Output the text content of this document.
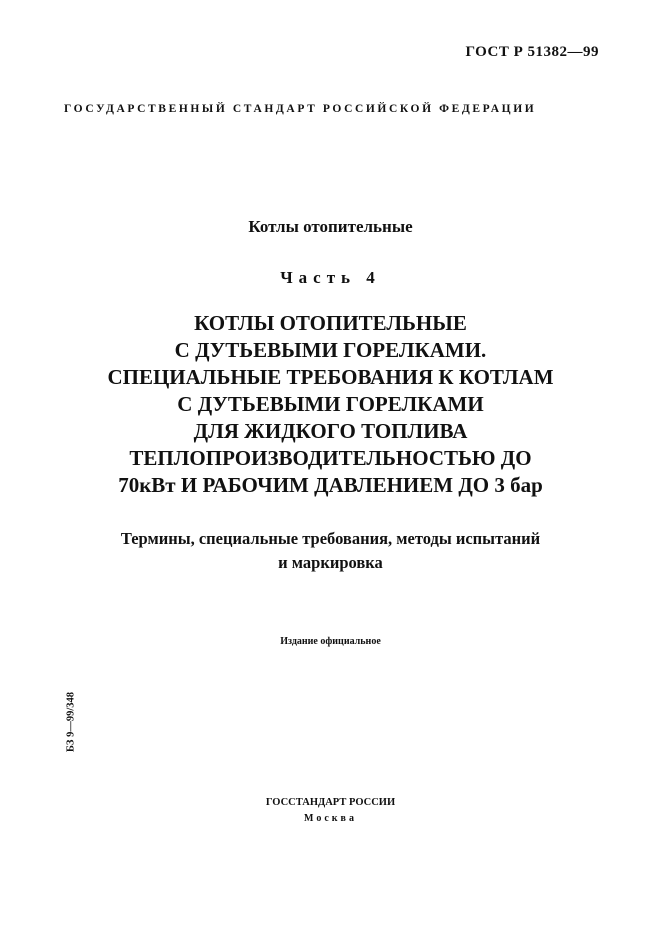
ГОСТ Р 51382—99
ГОСУДАРСТВЕННЫЙ СТАНДАРТ РОССИЙСКОЙ ФЕДЕРАЦИИ
Котлы отопительные
Часть 4
КОТЛЫ ОТОПИТЕЛЬНЫЕ
С ДУТЬЕВЫМИ ГОРЕЛКАМИ.
СПЕЦИАЛЬНЫЕ ТРЕБОВАНИЯ К КОТЛАМ
С ДУТЬЕВЫМИ ГОРЕЛКАМИ
ДЛЯ ЖИДКОГО ТОПЛИВА
ТЕПЛОПРОИЗВОДИТЕЛЬНОСТЬЮ ДО
70кВт И РАБОЧИМ ДАВЛЕНИЕМ ДО 3 бар
Термины, специальные требования, методы испытаний
и маркировка
Издание официальное
БЗ 9—99/348
ГОССТАНДАРТ РОССИИ
Москва
